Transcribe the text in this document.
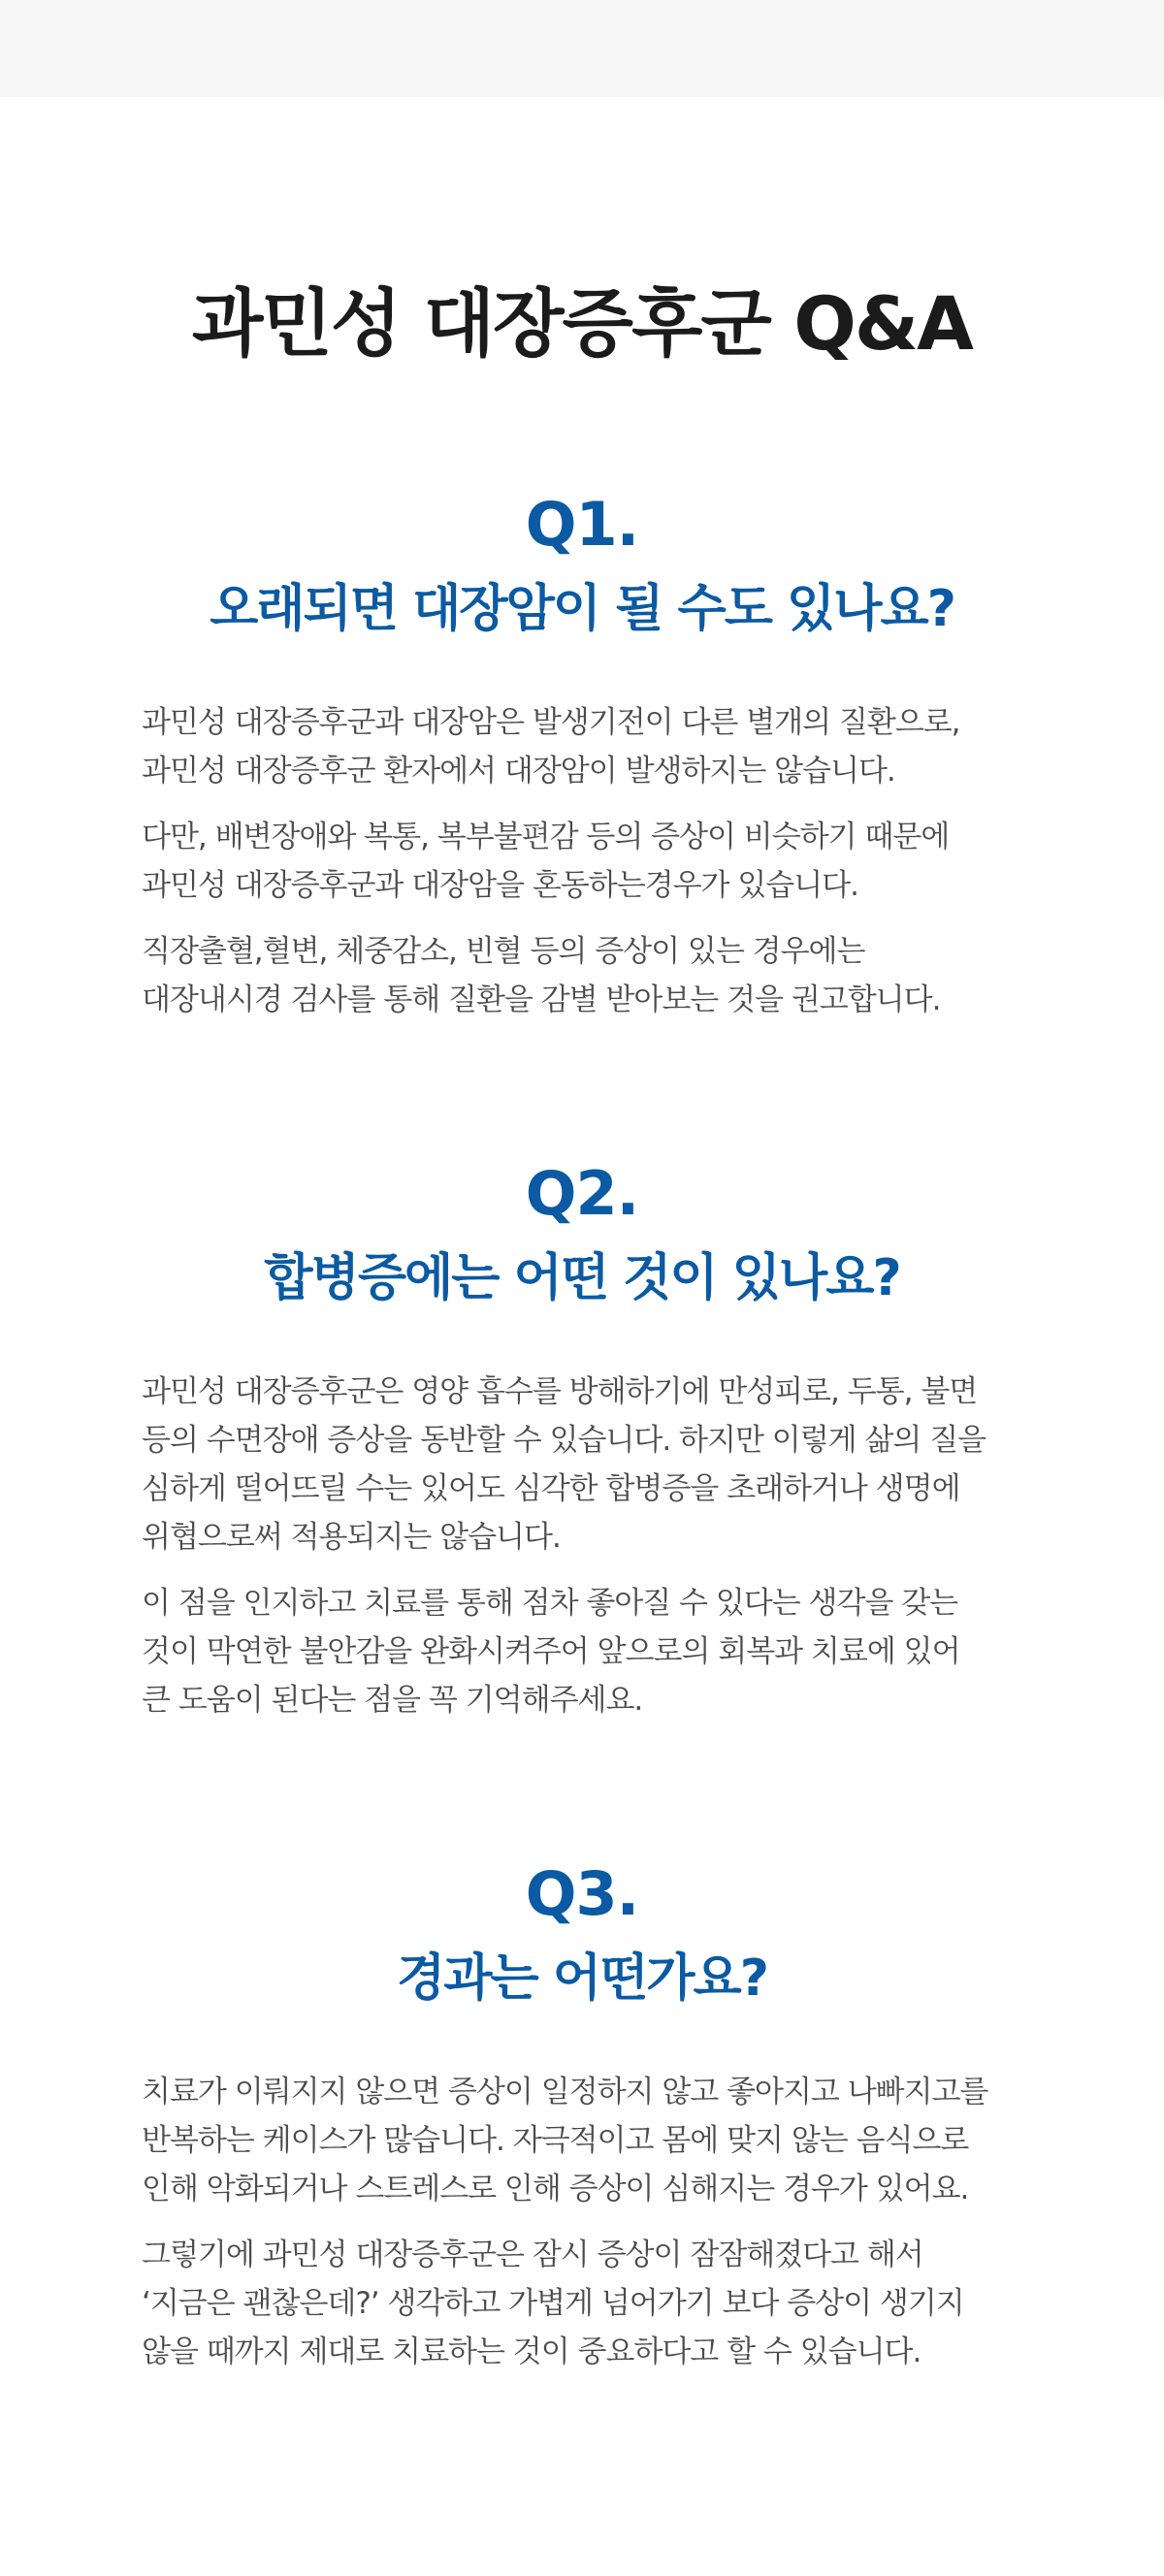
과민성 대장증후군 Q&A

Q1.

오래되면 대장암이 될 수도 있나요?

과민성 대장증후군과 대장암은 발생기전이 다른 별개의 질환으로,
과민성 대장증후군 환자에서 대장암이 발생하지는 않습니다.

다만, 배변장애와 복통, 복부불편감 등의 증상이 비슷하기 때문에
과민성 대장증후군과 대장암을 혼동하는경우가 있습니다.

직장출혈,혈변, 체중감소, 빈혈 등의 증상이 있는 경우에는
대장내시경 검사를 통해 질환을 감별 받아보는 것을 권고합니다.

Q2.

합병증에는 어떤 것이 있나요?

과민성 대장증후군은 영양 흡수를 방해하기에 만성피로, 두통, 불면
등의 수면장애 증상을 동반할 수 있습니다. 하지만 이렇게 삶의 질을
심하게 떨어뜨릴 수는 있어도 심각한 합병증을 초래하거나 생명에
위협으로써 적용되지는 않습니다.

이 점을 인지하고 치료를 통해 점차 좋아질 수 있다는 생각을 갖는
것이 막연한 불안감을 완화시켜주어 앞으로의 회복과 치료에 있어
큰 도움이 된다는 점을 꼭 기억해주세요.

Q3.

경과는 어떤가요?

치료가 이뤄지지 않으면 증상이 일정하지 않고 좋아지고 나빠지고를
반복하는 케이스가 많습니다. 자극적이고 몸에 맞지 않는 음식으로
인해 악화되거나 스트레스로 인해 증상이 심해지는 경우가 있어요.

그렇기에 과민성 대장증후군은 잠시 증상이 잠잠해졌다고 해서
‘지금은 괜찮은데?’ 생각하고 가볍게 넘어가기 보다 증상이 생기지
않을 때까지 제대로 치료하는 것이 중요하다고 할 수 있습니다.
